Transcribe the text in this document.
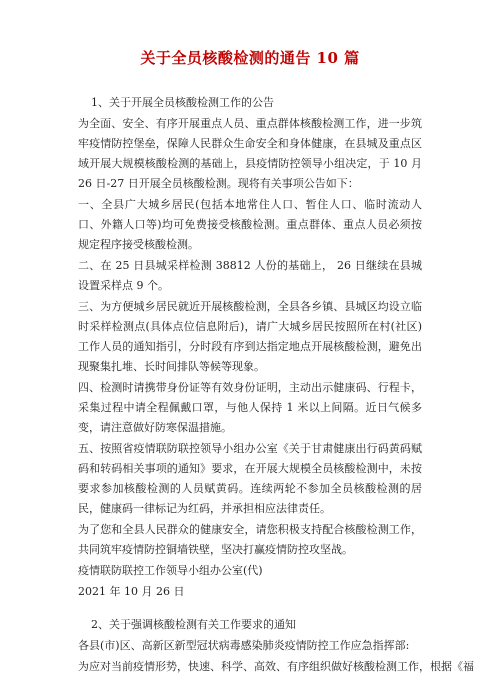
关于全员核酸检测的通告 10 篇

1、关于开展全员核酸检测工作的公告

为全面、安全、有序开展重点人员、重点群体核酸检测工作，进一步筑牢疫情防控堡垒，保障人民群众生命安全和身体健康，在县城及重点区域开展大规模核酸检测的基础上，县疫情防控领导小组决定，于 10 月 26 日-27 日开展全员核酸检测。现将有关事项公告如下：

一、全县广大城乡居民(包括本地常住人口、暂住人口、临时流动人口、外籍人口等)均可免费接受核酸检测。重点群体、重点人员必须按规定程序接受核酸检测。

二、在 25 日县城采样检测 38812 人份的基础上， 26 日继续在县城设置采样点 9 个。

三、为方便城乡居民就近开展核酸检测，全县各乡镇、县城区均设立临时采样检测点(具体点位信息附后)，请广大城乡居民按照所在村(社区)工作人员的通知指引，分时段有序到达指定地点开展核酸检测，避免出现聚集扎堆、长时间排队等候等现象。

四、检测时请携带身份证等有效身份证明，主动出示健康码、行程卡，采集过程中请全程佩戴口罩，与他人保持 1 米以上间隔。近日气候多变，请注意做好防寒保温措施。

五、按照省疫情联防联控领导小组办公室《关于甘肃健康出行码黄码赋码和转码相关事项的通知》要求，在开展大规模全员核酸检测中，未按要求参加核酸检测的人员赋黄码。连续两轮不参加全员核酸检测的居民，健康码一律标记为红码，并承担相应法律责任。

为了您和全县人民群众的健康安全，请您积极支持配合核酸检测工作，共同筑牢疫情防控铜墙铁壁，坚决打赢疫情防控攻坚战。

疫情联防联控工作领导小组办公室(代)

2021 年 10 月 26 日

2、关于强调核酸检测有关工作要求的通知

各县(市)区、高新区新型冠状病毒感染肺炎疫情防控工作应急指挥部:

为应对当前疫情形势，快速、科学、高效、有序组织做好核酸检测工作，根据《福
